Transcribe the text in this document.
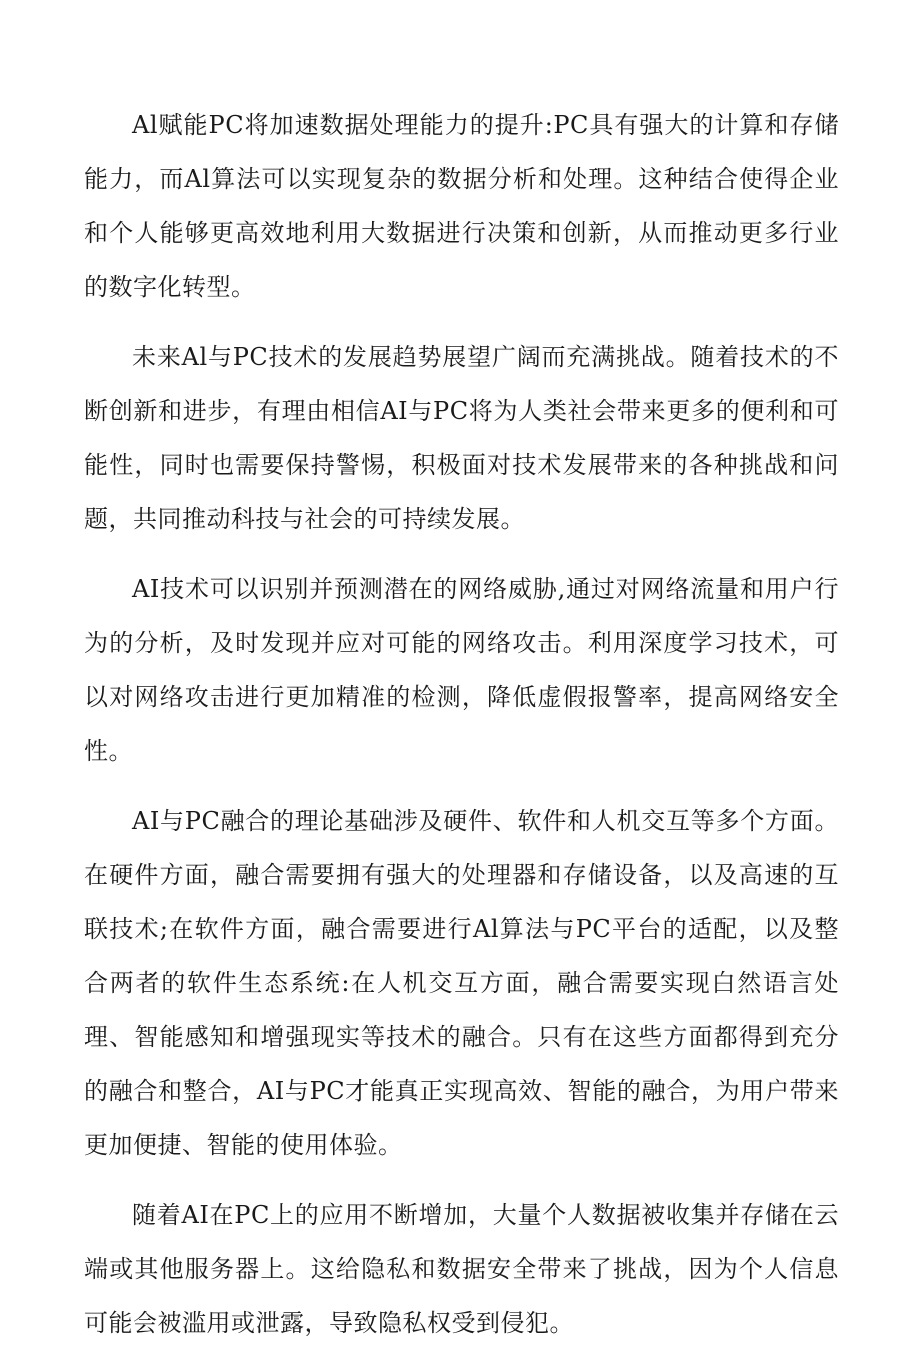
Al赋能PC将加速数据处理能力的提升:PC具有强大的计算和存储能力，而Al算法可以实现复杂的数据分析和处理。这种结合使得企业和个人能够更高效地利用大数据进行决策和创新，从而推动更多行业的数字化转型。

未来Al与PC技术的发展趋势展望广阔而充满挑战。随着技术的不断创新和进步，有理由相信AI与PC将为人类社会带来更多的便利和可能性，同时也需要保持警惕，积极面对技术发展带来的各种挑战和问题，共同推动科技与社会的可持续发展。

AI技术可以识别并预测潜在的网络威胁,通过对网络流量和用户行为的分析，及时发现并应对可能的网络攻击。利用深度学习技术，可以对网络攻击进行更加精准的检测，降低虚假报警率，提高网络安全性。

AI与PC融合的理论基础涉及硬件、软件和人机交互等多个方面。在硬件方面，融合需要拥有强大的处理器和存储设备，以及高速的互联技术;在软件方面，融合需要进行Al算法与PC平台的适配，以及整合两者的软件生态系统:在人机交互方面，融合需要实现白然语言处理、智能感知和增强现实等技术的融合。只有在这些方面都得到充分的融合和整合，AI与PC才能真正实现高效、智能的融合，为用户带来更加便捷、智能的使用体验。

随着AI在PC上的应用不断增加，大量个人数据被收集并存储在云端或其他服务器上。这给隐私和数据安全带来了挑战，因为个人信息可能会被滥用或泄露，导致隐私权受到侵犯。
